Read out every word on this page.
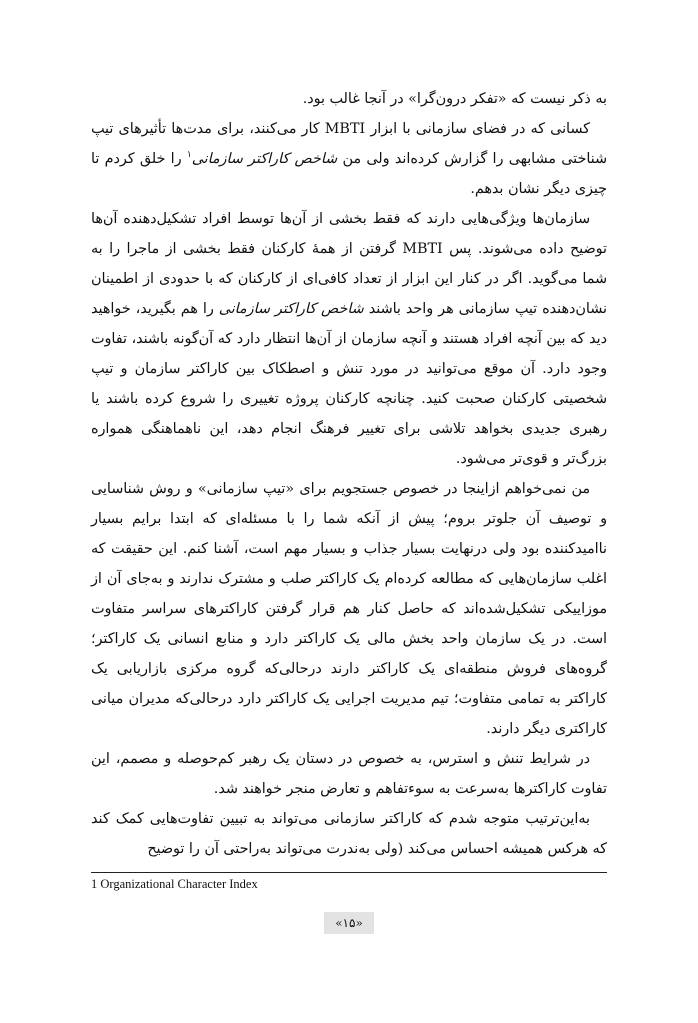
به ذکر نیست که «تفکر درون‌گرا» در آنجا غالب بود.

کسانی که در فضای سازمانی با ابزار MBTI کار می‌کنند، برای مدت‌ها تأثیرهای تیپ شناختی مشابهی را گزارش کرده‌اند ولی من شاخص کاراکتر سازمانی$^۱$ را خلق کردم تا چیزی دیگر نشان بدهم.

سازمان‌ها ویژگی‌هایی دارند که فقط بخشی از آن‌ها توسط افراد تشکیل‌دهنده آن‌ها توضیح داده می‌شوند. پس MBTI گرفتن از همهٔ کارکنان فقط بخشی از ماجرا را به شما می‌گوید. اگر در کنار این ابزار از تعداد کافی‌ای از کارکنان که با حدودی از اطمینان نشان‌دهنده تیپ سازمانی هر واحد باشند شاخص کاراکتر سازمانی را هم بگیرید، خواهید دید که بین آنچه افراد هستند و آنچه سازمان از آن‌ها انتظار دارد که آن‌گونه باشند، تفاوت وجود دارد. آن موقع می‌توانید در مورد تنش و اصطکاک بین کاراکتر سازمان و تیپ شخصیتی کارکنان صحبت کنید. چنانچه کارکنان پروژه تغییری را شروع کرده باشند یا رهبری جدیدی بخواهد تلاشی برای تغییر فرهنگ انجام دهد، این ناهماهنگی همواره بزرگ‌تر و قوی‌تر می‌شود.

من نمی‌خواهم ازاینجا در خصوص جستجویم برای «تیپ سازمانی» و روش شناسایی و توصیف آن جلوتر بروم؛ پیش از آنکه شما را با مسئله‌ای که ابتدا برایم بسیار ناامیدکننده بود ولی درنهایت بسیار جذاب و بسیار مهم است، آشنا کنم. این حقیقت که اغلب سازمان‌هایی که مطالعه کرده‌ام یک کاراکتر صلب و مشترک ندارند و به‌جای آن از موزاییکی تشکیل‌شده‌اند که حاصل کنار هم قرار گرفتن کاراکترهای سراسر متفاوت است. در یک سازمان واحد بخش مالی یک کاراکتر دارد و منابع انسانی یک کاراکتر؛ گروه‌های فروش منطقه‌ای یک کاراکتر دارند درحالی‌که گروه مرکزی بازاریابی یک کاراکتر به تمامی متفاوت؛ تیم مدیریت اجرایی یک کاراکتر دارد درحالی‌که مدیران میانی کاراکتری دیگر دارند.

در شرایط تنش و استرس، به خصوص در دستان یک رهبر کم‌حوصله و مصمم، این تفاوت کاراکترها به‌سرعت به سوءتفاهم و تعارض منجر خواهند شد.

به‌این‌ترتیب متوجه شدم که کاراکتر سازمانی می‌تواند به تبیین تفاوت‌هایی کمک کند که هرکس همیشه احساس می‌کند (ولی به‌ندرت می‌تواند به‌راحتی آن را توضیح

1 Organizational Character Index
«۱۵»
